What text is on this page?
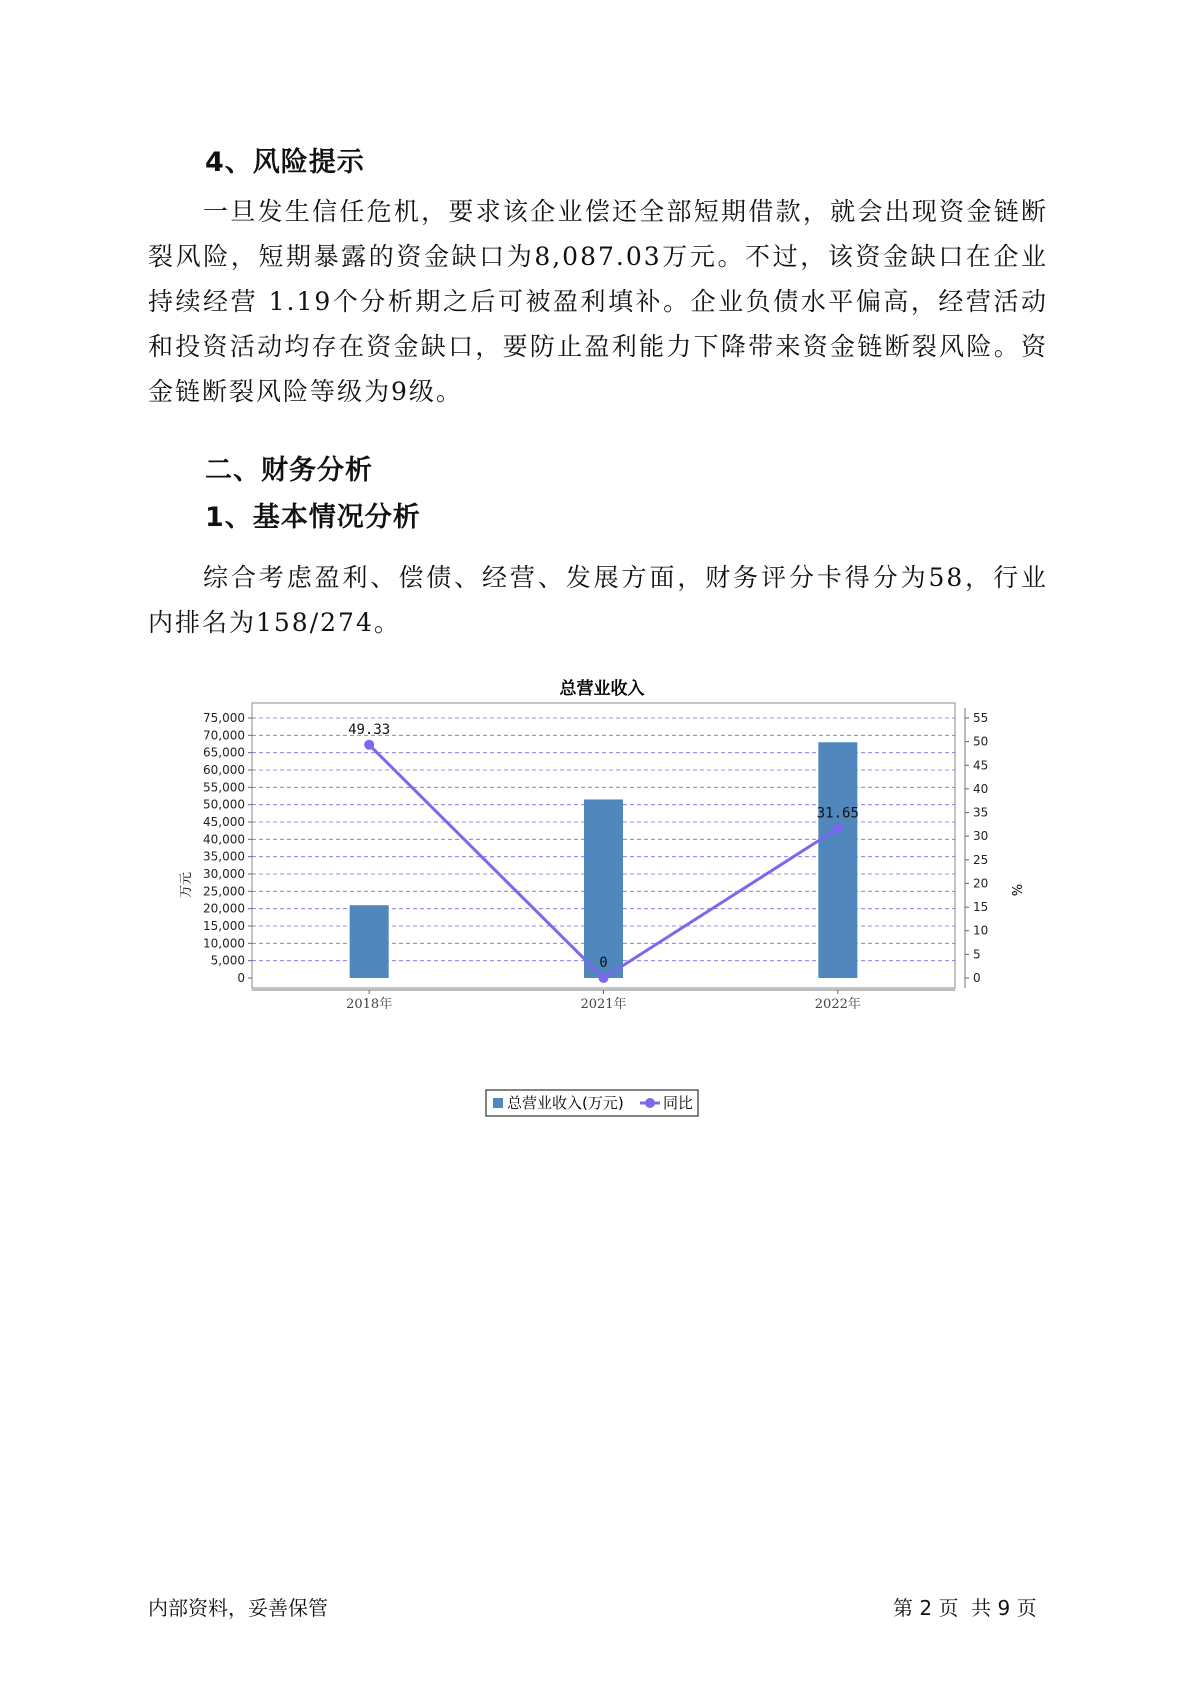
4、风险提示

一旦发生信任危机，要求该企业偿还全部短期借款，就会出现资金链断裂风险，短期暴露的资金缺口为8,087.03万元。不过，该资金缺口在企业持续经营 1.19个分析期之后可被盈利填补。企业负债水平偏高，经营活动和投资活动均存在资金缺口，要防止盈利能力下降带来资金链断裂风险。资金链断裂风险等级为9级。

二、财务分析
1、基本情况分析

综合考虑盈利、偿债、经营、发展方面，财务评分卡得分为58，行业内排名为158/274。

总营业收入
万元	%
0
5,000
10,000
15,000
20,000
25,000
30,000
35,000
40,000
45,000
50,000
55,000
60,000
65,000
70,000
75,000
0
5
10
15
20
25
30
35
40
45
50
55
2018年	2021年	2022年
49.33
0
31.65
总营业收入(万元)	同比
内部资料，妥善保管	第 2 页  共 9 页
